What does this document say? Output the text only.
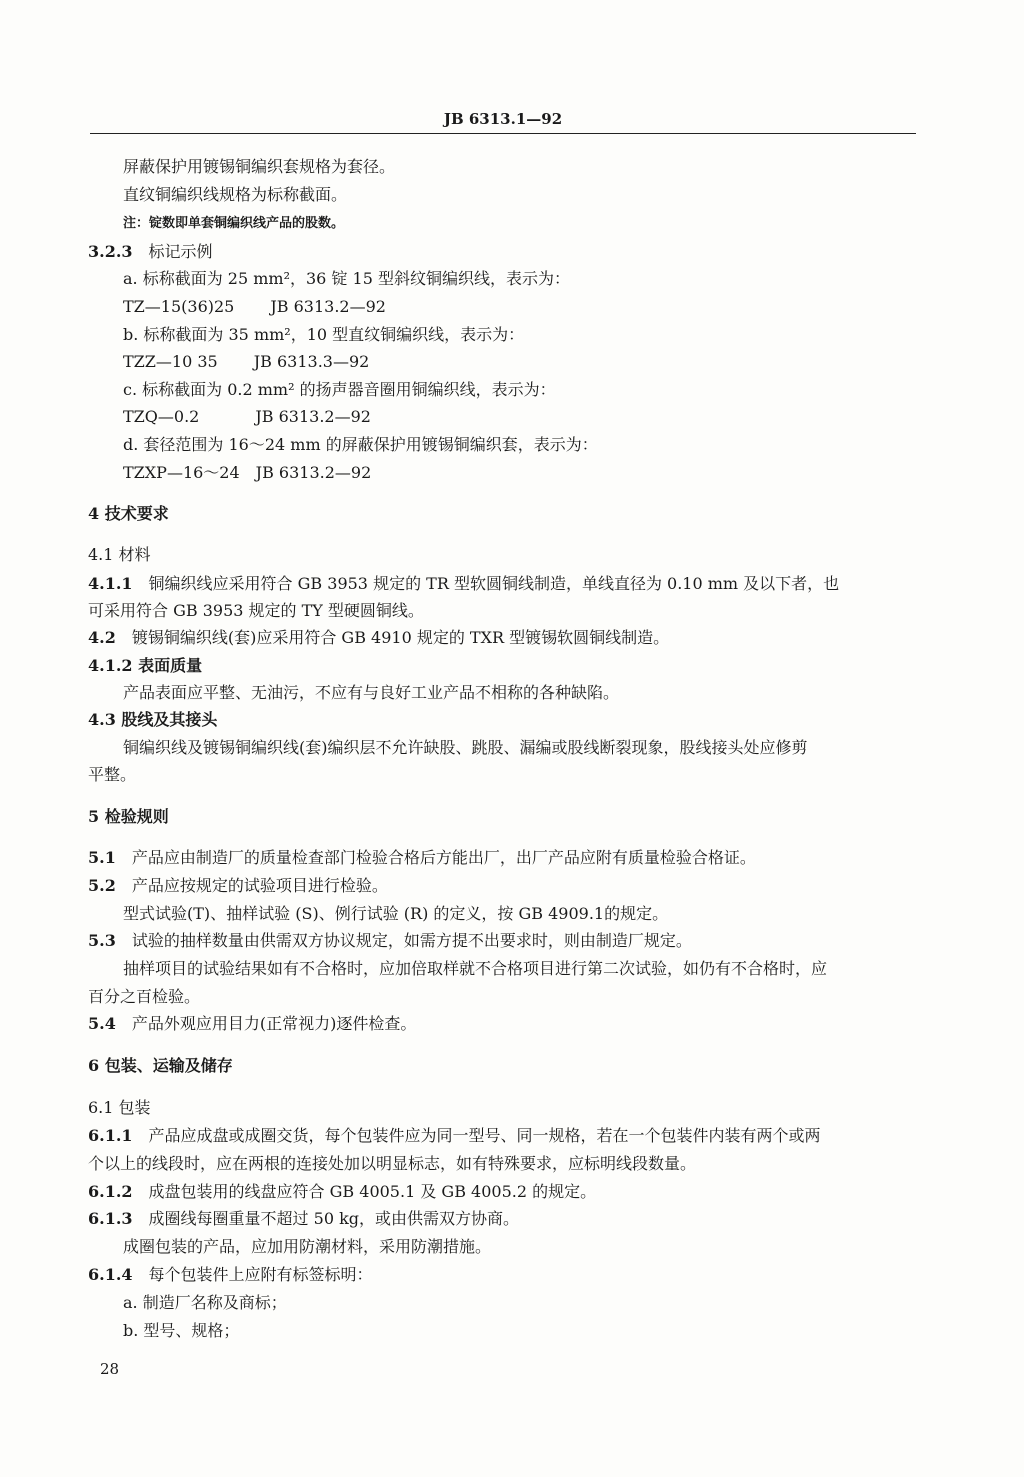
JB 6313.1—92
屏蔽保护用镀锡铜编织套规格为套径。
直纹铜编织线规格为标称截面。
注：锭数即单套铜编织线产品的股数。
3.2.3 标记示例
a. 标称截面为 25 mm²，36 锭 15 型斜纹铜编织线，表示为：
TZ—15(36)25 JB 6313.2—92
b. 标称截面为 35 mm²，10 型直纹铜编织线，表示为：
TZZ—10 35 JB 6313.3—92
c. 标称截面为 0.2 mm² 的扬声器音圈用铜编织线，表示为：
TZQ—0.2	JB 6313.2—92
d. 套径范围为 16～24 mm 的屏蔽保护用镀锡铜编织套，表示为：
TZXP—16～24 JB 6313.2—92
4 技术要求
4.1 材料
4.1.1 铜编织线应采用符合 GB 3953 规定的 TR 型软圆铜线制造，单线直径为 0.10 mm 及以下者，也
可采用符合 GB 3953 规定的 TY 型硬圆铜线。
4.2 镀锡铜编织线(套)应采用符合 GB 4910 规定的 TXR 型镀锡软圆铜线制造。
4.1.2 表面质量
产品表面应平整、无油污，不应有与良好工业产品不相称的各种缺陷。
4.3 股线及其接头
铜编织线及镀锡铜编织线(套)编织层不允许缺股、跳股、漏编或股线断裂现象，股线接头处应修剪
平整。
5 检验规则
5.1 产品应由制造厂的质量检查部门检验合格后方能出厂，出厂产品应附有质量检验合格证。
5.2 产品应按规定的试验项目进行检验。
型式试验(T)、抽样试验 (S)、例行试验 (R) 的定义，按 GB 4909.1的规定。
5.3 试验的抽样数量由供需双方协议规定，如需方提不出要求时，则由制造厂规定。
抽样项目的试验结果如有不合格时，应加倍取样就不合格项目进行第二次试验，如仍有不合格时，应
百分之百检验。
5.4 产品外观应用目力(正常视力)逐件检查。
6 包装、运输及储存
6.1 包装
6.1.1 产品应成盘或成圈交货，每个包装件应为同一型号、同一规格，若在一个包装件内装有两个或两
个以上的线段时，应在两根的连接处加以明显标志，如有特殊要求，应标明线段数量。
6.1.2 成盘包装用的线盘应符合 GB 4005.1 及 GB 4005.2 的规定。
6.1.3 成圈线每圈重量不超过 50 kg，或由供需双方协商。
成圈包装的产品，应加用防潮材料，采用防潮措施。
6.1.4 每个包装件上应附有标签标明：
a. 制造厂名称及商标；
b. 型号、规格；
28
